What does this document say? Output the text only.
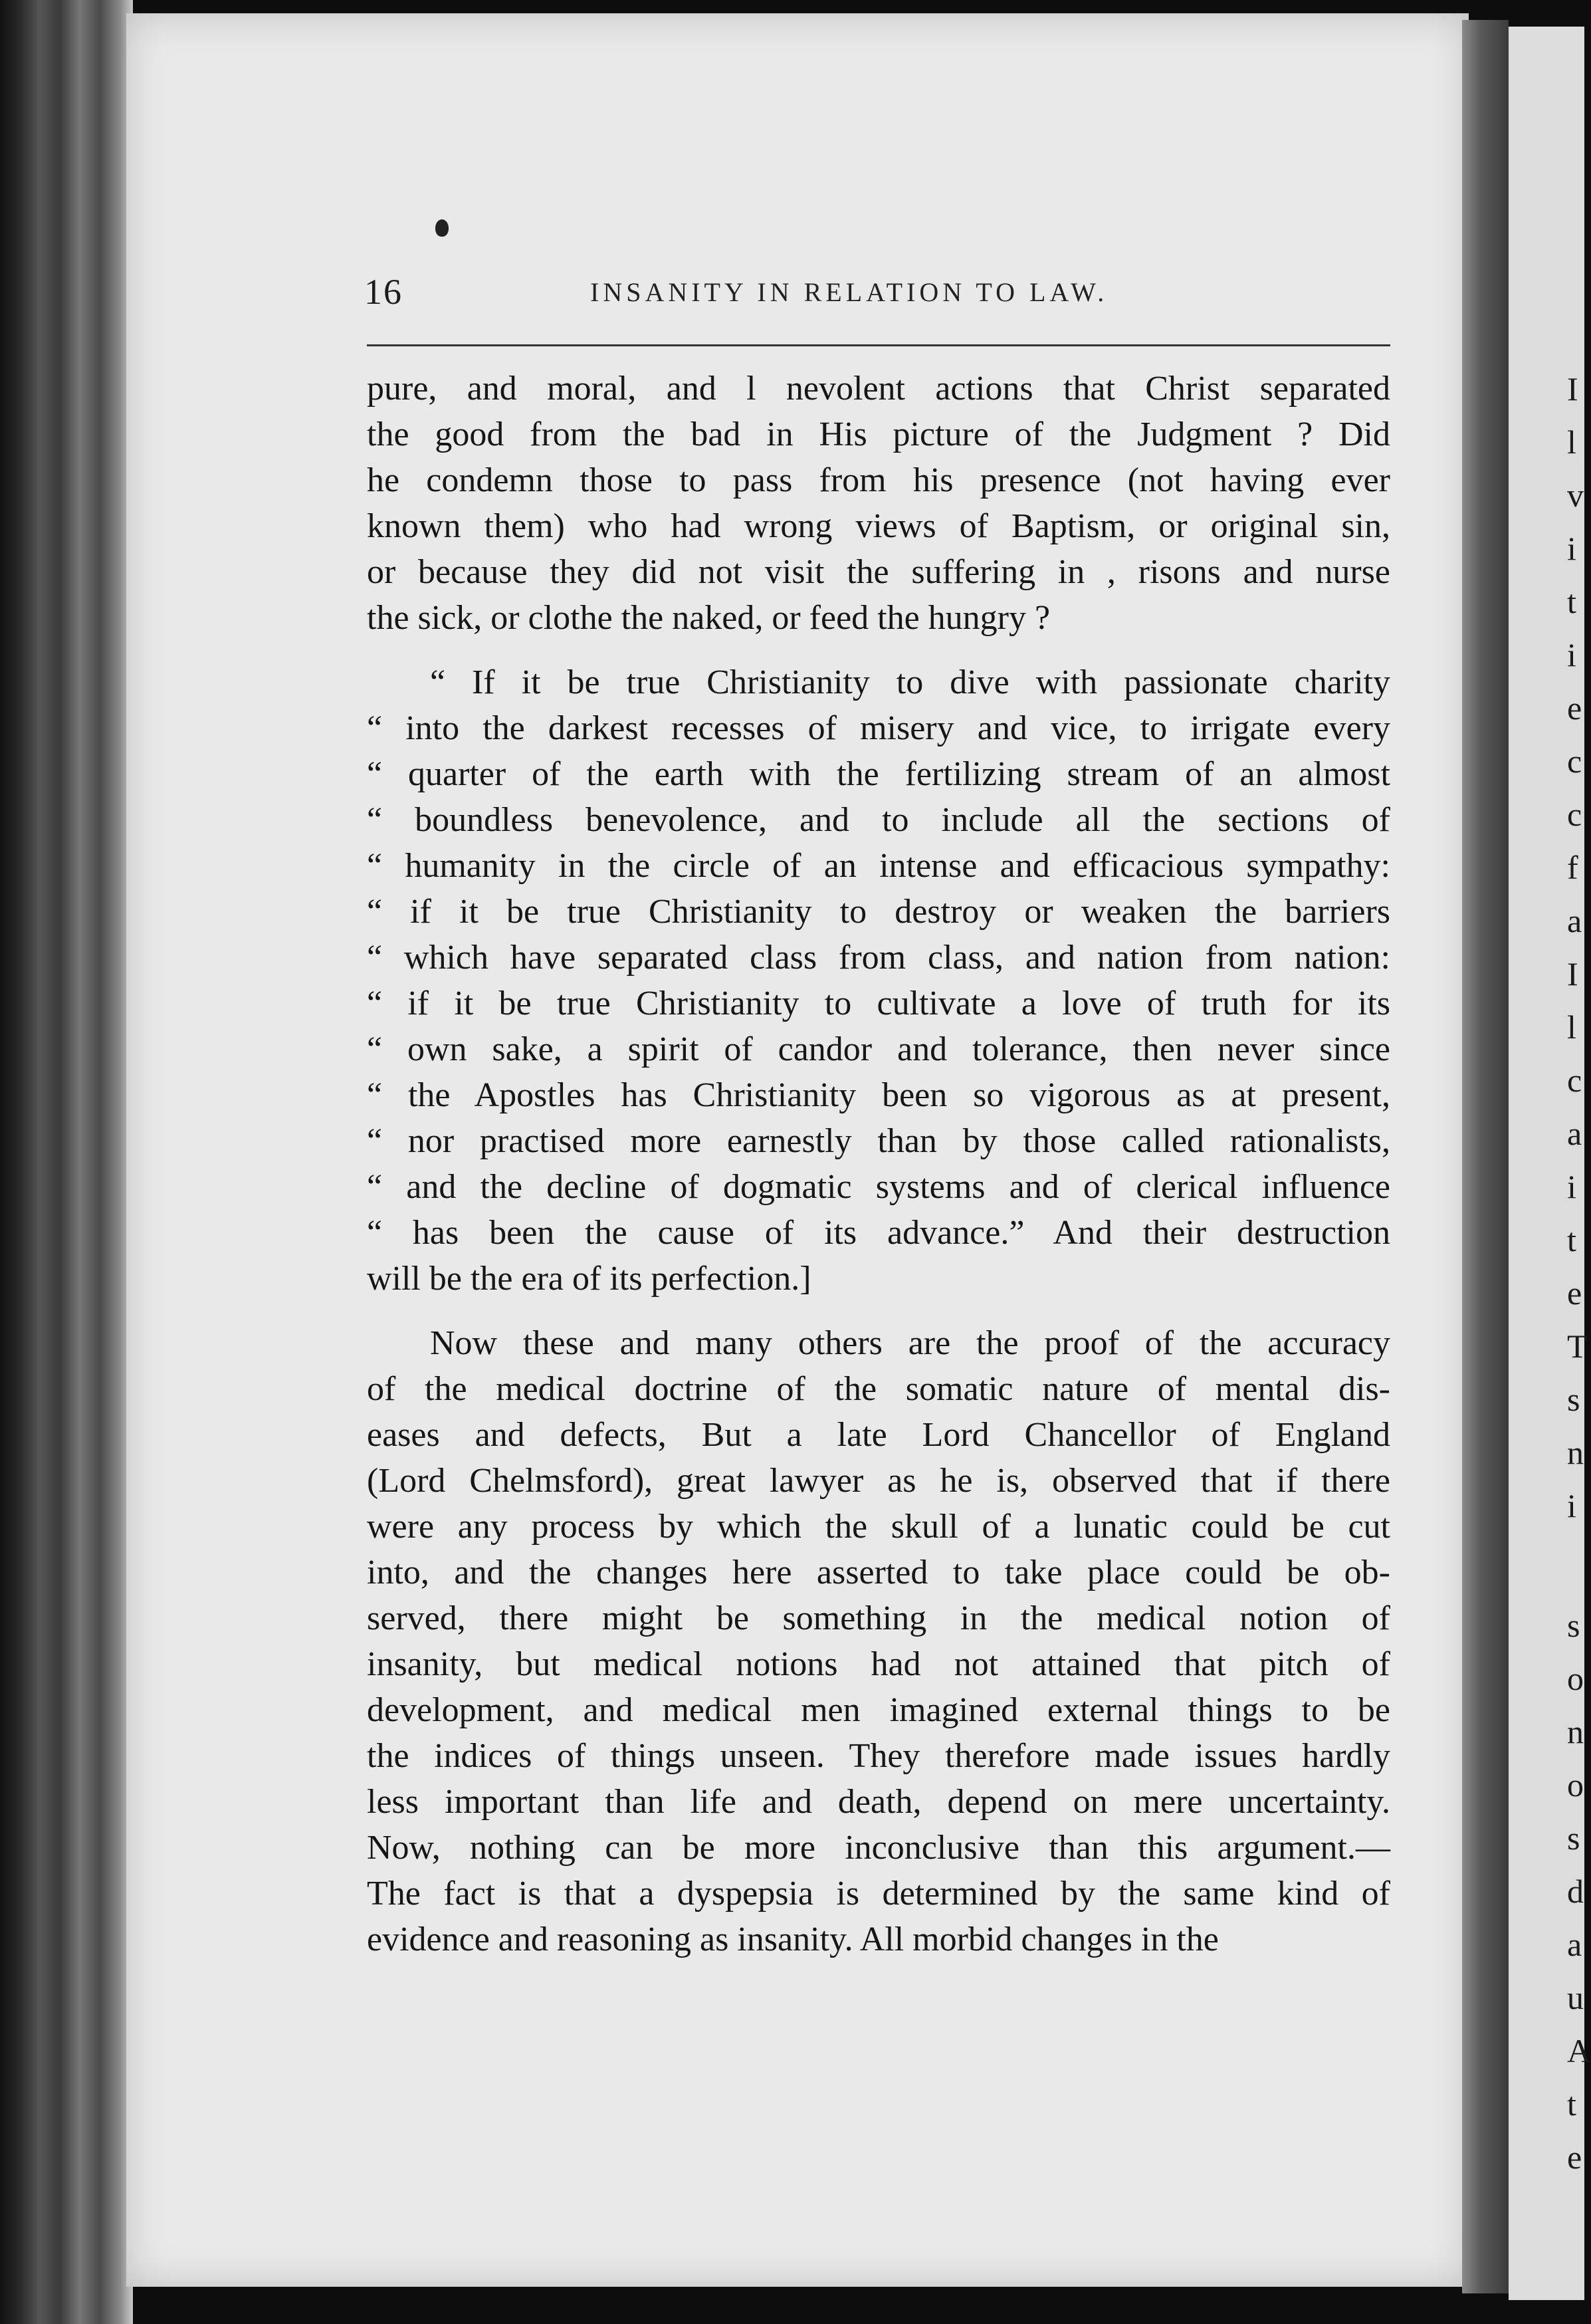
I
l
v
i
t
i
e
c
c
f
a
I
l
c
a
i
t
e
T
s
n
i
s
o
n
o
s
d
a
u
A
t
e
16	INSANITY IN RELATION TO LAW.
pure, and moral, and l nevolent actions that Christ separated
the good from the bad in His picture of the Judgment ? Did
he condemn those to pass from his presence (not having ever
known them) who had wrong views of Baptism, or original sin,
or because they did not visit the suffering in , risons and nurse
the sick, or clothe the naked, or feed the hungry ?
“ If it be true Christianity to dive with passionate charity
“ into the darkest recesses of misery and vice, to irrigate every
“ quarter of the earth with the fertilizing stream of an almost
“ boundless benevolence, and to include all the sections of
“ humanity in the circle of an intense and efficacious sympathy:
“ if it be true Christianity to destroy or weaken the barriers
“ which have separated class from class, and nation from nation:
“ if it be true Christianity to cultivate a love of truth for its
“ own sake, a spirit of candor and tolerance, then never since
“ the Apostles has Christianity been so vigorous as at present,
“ nor practised more earnestly than by those called rationalists,
“ and the decline of dogmatic systems and of clerical influence
“ has been the cause of its advance.” And their destruction
will be the era of its perfection.]
Now these and many others are the proof of the accuracy
of the medical doctrine of the somatic nature of mental dis-
eases and defects, But a late Lord Chancellor of England
(Lord Chelmsford), great lawyer as he is, observed that if there
were any process by which the skull of a lunatic could be cut
into, and the changes here asserted to take place could be ob-
served, there might be something in the medical notion of
insanity, but medical notions had not attained that pitch of
development, and medical men imagined external things to be
the indices of things unseen. They therefore made issues hardly
less important than life and death, depend on mere uncertainty.
Now, nothing can be more inconclusive than this argument.—
The fact is that a dyspepsia is determined by the same kind of
evidence and reasoning as insanity. All morbid changes in the
